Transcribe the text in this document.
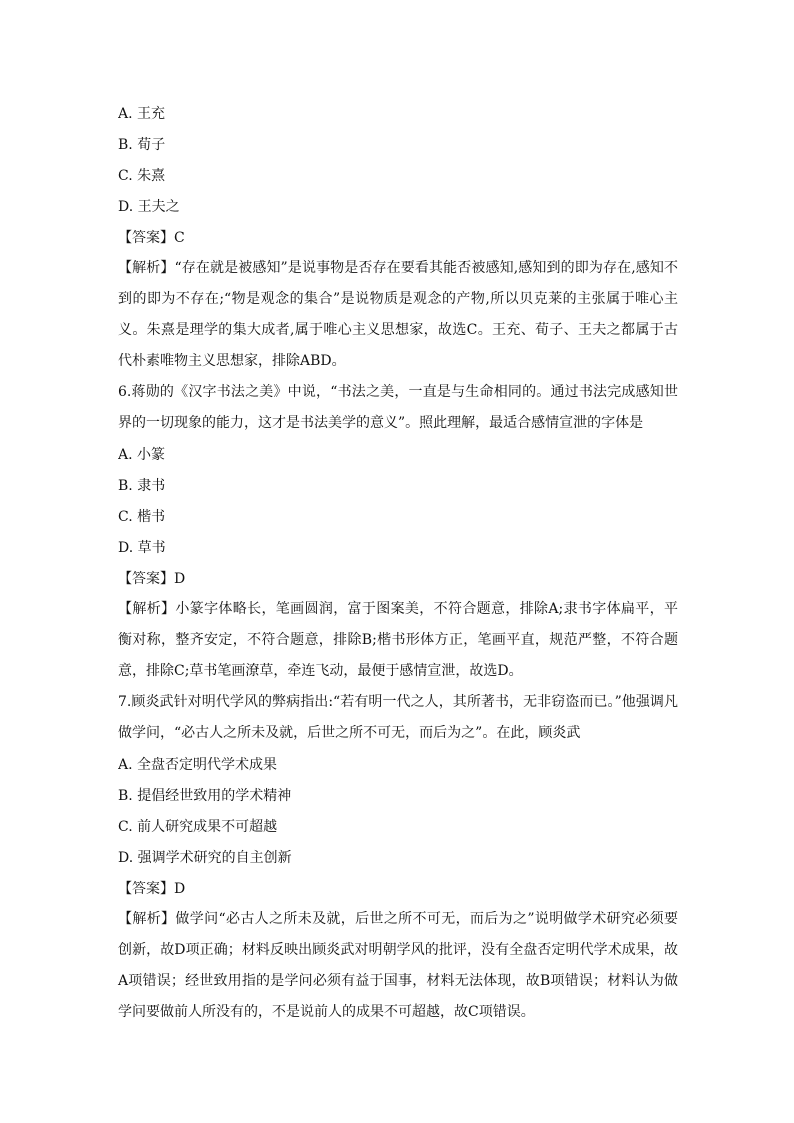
A. 王充
B. 荀子
C. 朱熹
D. 王夫之
【答案】C
【解析】“存在就是被感知”是说事物是否存在要看其能否被感知,感知到的即为存在,感知不到的即为不存在;“物是观念的集合”是说物质是观念的产物,所以贝克莱的主张属于唯心主义。朱熹是理学的集大成者,属于唯心主义思想家，故选C。王充、荀子、王夫之都属于古代朴素唯物主义思想家，排除ABD。
6.蒋勋的《汉字书法之美》中说，“书法之美，一直是与生命相同的。通过书法完成感知世界的一切现象的能力，这才是书法美学的意义”。照此理解，最适合感情宣泄的字体是
A. 小篆
B. 隶书
C. 楷书
D. 草书
【答案】D
【解析】小篆字体略长，笔画圆润，富于图案美，不符合题意，排除A;隶书字体扁平，平衡对称，整齐安定，不符合题意，排除B;楷书形体方正，笔画平直，规范严整，不符合题意，排除C;草书笔画潦草，牵连飞动，最便于感情宣泄，故选D。
7.顾炎武针对明代学风的弊病指出:“若有明一代之人，其所著书，无非窃盗而已。”他强调凡做学问，“必古人之所未及就，后世之所不可无，而后为之”。在此，顾炎武
A. 全盘否定明代学术成果
B. 提倡经世致用的学术精神
C. 前人研究成果不可超越
D. 强调学术研究的自主创新
【答案】D
【解析】做学问“必古人之所未及就，后世之所不可无，而后为之”说明做学术研究必须要创新，故D项正确；材料反映出顾炎武对明朝学风的批评，没有全盘否定明代学术成果，故A项错误；经世致用指的是学问必须有益于国事，材料无法体现，故B项错误；材料认为做学问要做前人所没有的，不是说前人的成果不可超越，故C项错误。
